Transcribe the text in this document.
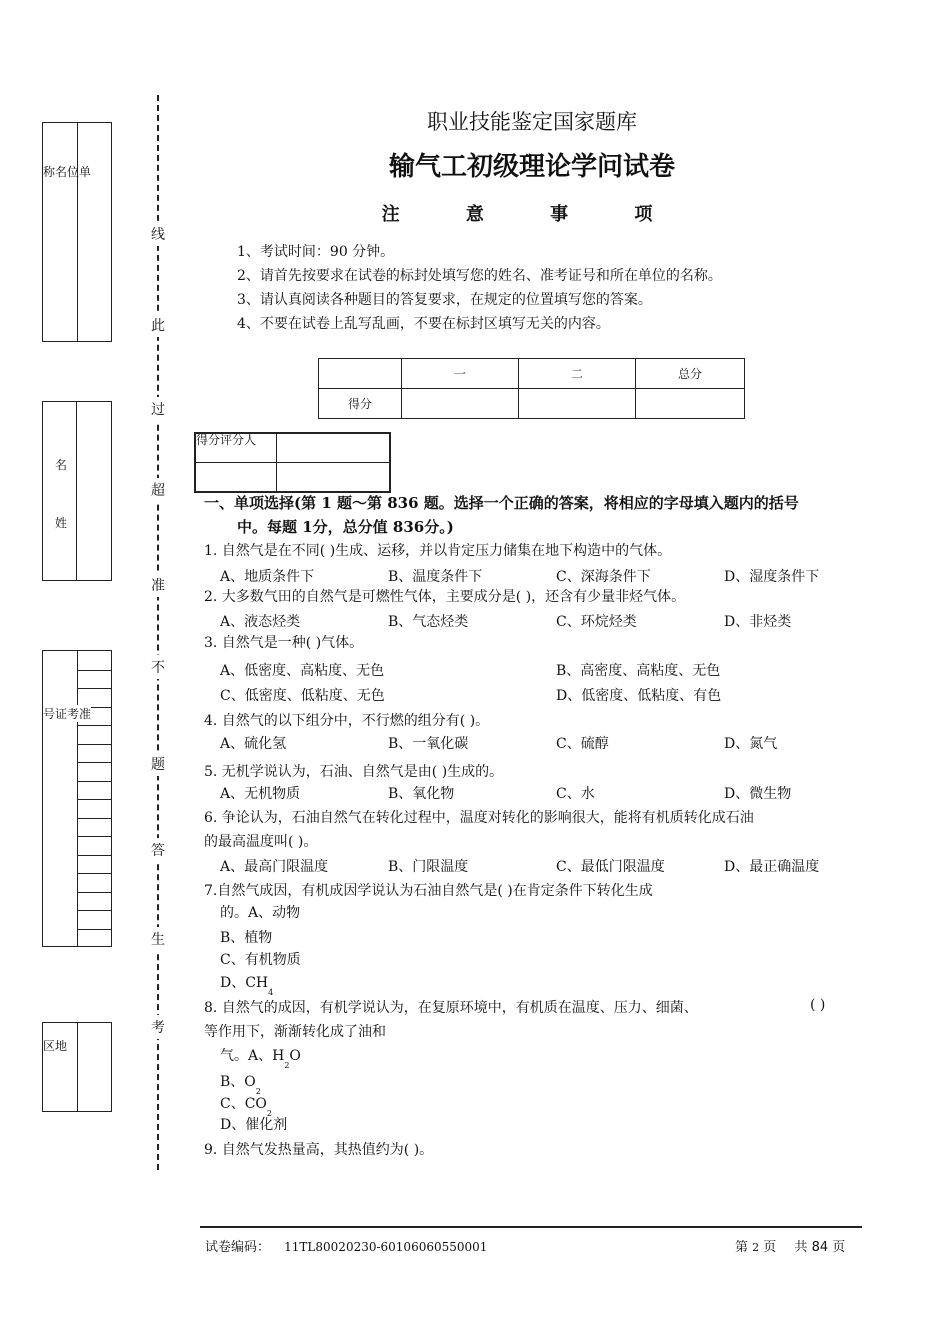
称名位单
名
姓
号证考准
区地
线
此
过
超
准
不
题
答
生
考
职业技能鉴定国家题库
输气工初级理论学问试卷
注 意 事 项
1、考试时间：90 分钟。
2、请首先按要求在试卷的标封处填写您的姓名、准考证号和所在单位的名称。
3、请认真阅读各种题目的答复要求，在规定的位置填写您的答案。
4、不要在试卷上乱写乱画，不要在标封区填写无关的内容。
	一	二	总分
得分			
得分评分人
一、单项选择(第 1 题～第 836 题。选择一个正确的答案，将相应的字母填入题内的括号
中。每题 1分，总分值 836分。)
1. 自然气是在不同( )生成、运移，并以肯定压力储集在地下构造中的气体。
A、地质条件下	B、温度条件下	C、深海条件下	D、湿度条件下
2. 大多数气田的自然气是可燃性气体，主要成分是( )，还含有少量非烃气体。
A、液态烃类	B、气态烃类	C、环烷烃类	D、非烃类
3. 自然气是一种( )气体。
A、低密度、高粘度、无色	B、高密度、高粘度、无色
C、低密度、低粘度、无色	D、低密度、低粘度、有色
4. 自然气的以下组分中，不行燃的组分有( )。
A、硫化氢	B、一氧化碳	C、硫醇	D、氮气
5. 无机学说认为，石油、自然气是由( )生成的。
A、无机物质	B、氧化物	C、水	D、微生物
6. 争论认为，石油自然气在转化过程中，温度对转化的影响很大，能将有机质转化成石油
的最高温度叫( )。
A、最高门限温度	B、门限温度	C、最低门限温度	D、最正确温度
7.自然气成因，有机成因学说认为石油自然气是( )在肯定条件下转化生成
的。A、动物
B、植物
C、有机物质
D、$CH_4$
8. 自然气的成因，有机学说认为，在复原环境中，有机质在温度、压力、细菌、	( )
等作用下，渐渐转化成了油和
气。A、$H_2O$
B、$O_2$
C、$CO_2$
D、催化剂
9. 自然气发热量高，其热值约为( )。
试卷编码： 11TL80020230-60106060550001	第 2 页 共 84 页
